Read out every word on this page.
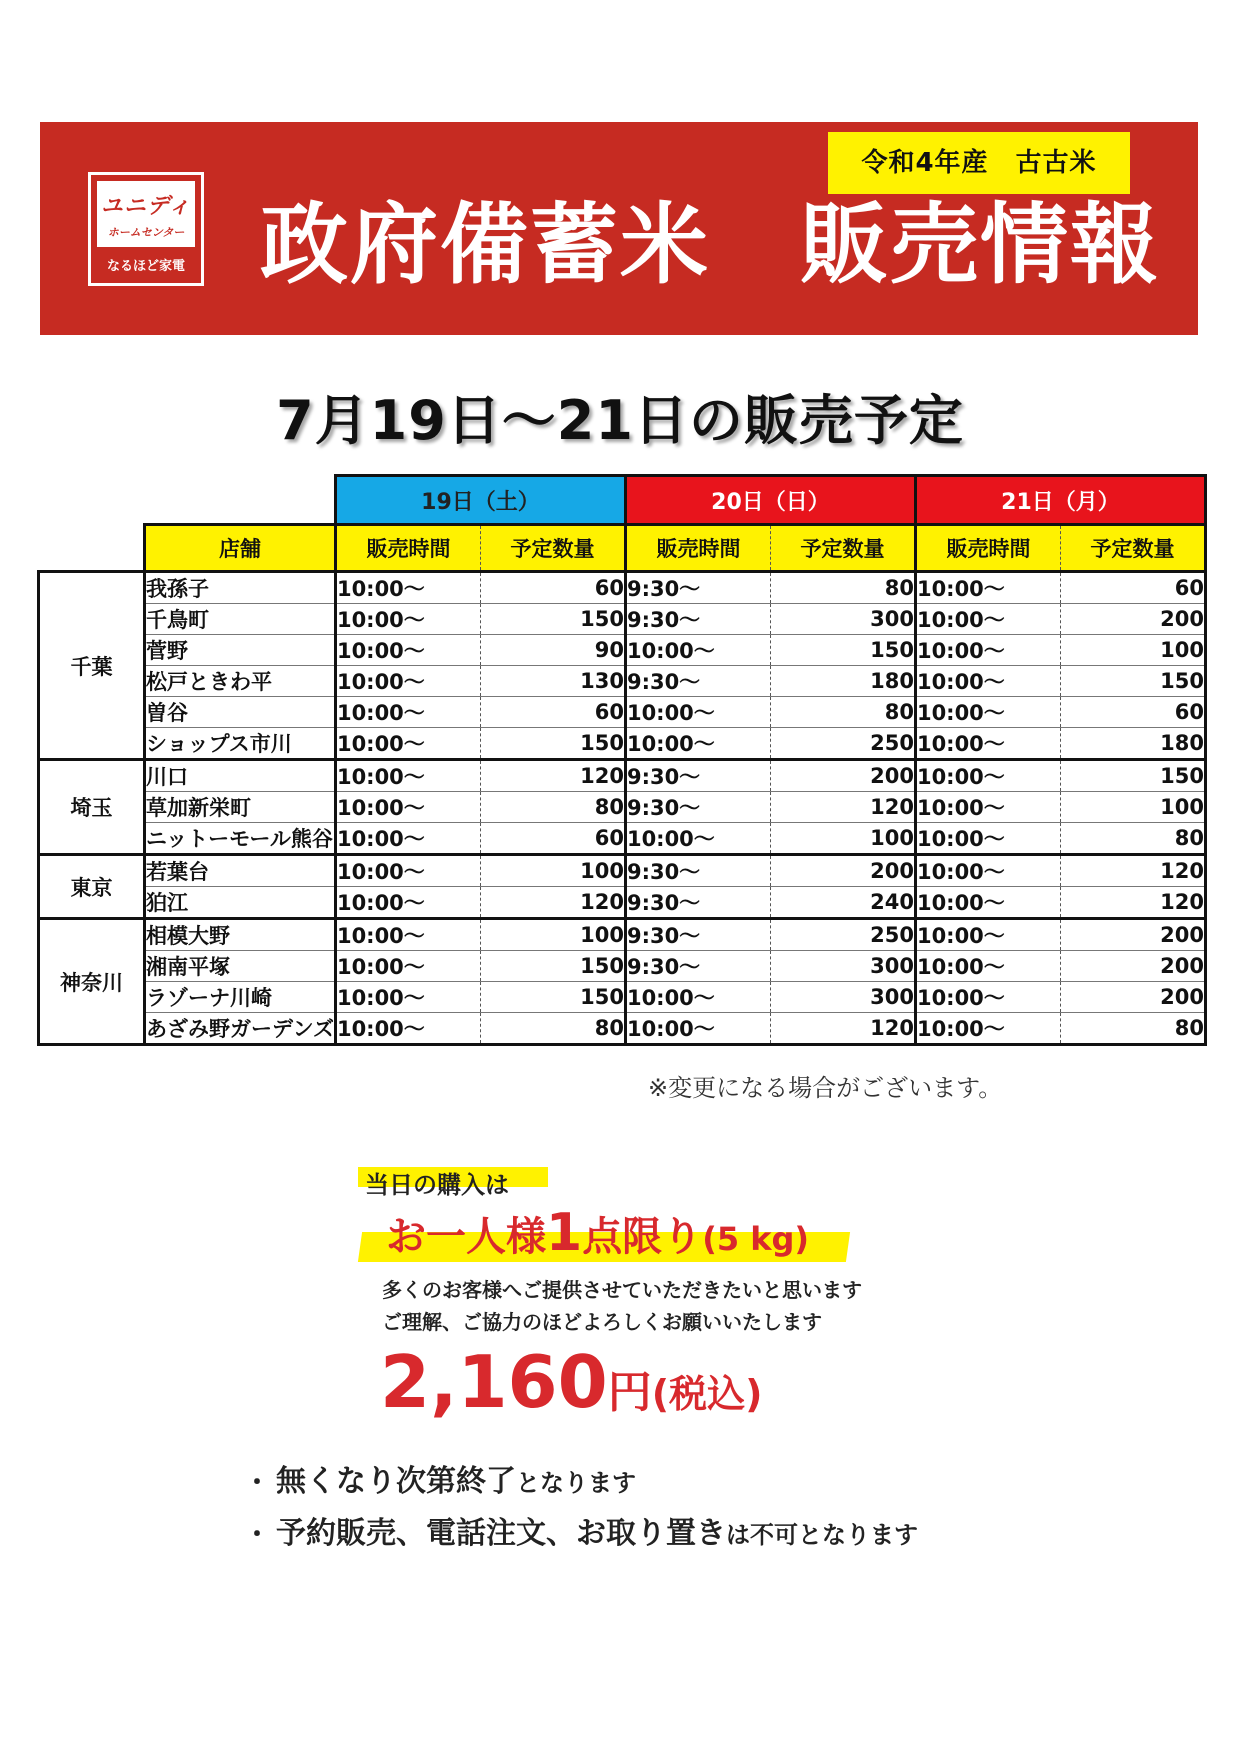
ユニディ
ホームセンター
なるほど家電
令和4年産　古古米
政府備蓄米　販売情報
7月19日～21日の販売予定
		19日（土）		20日（日）		21日（月）	
	店舗	販売時間	予定数量	販売時間	予定数量	販売時間	予定数量
千葉	我孫子	10:00～	60	9:30～	80	10:00～	60
	千鳥町	10:00～	150	9:30～	300	10:00～	200
	菅野	10:00～	90	10:00～	150	10:00～	100
	松戸ときわ平	10:00～	130	9:30～	180	10:00～	150
	曽谷	10:00～	60	10:00～	80	10:00～	60
	ショップス市川	10:00～	150	10:00～	250	10:00～	180
埼玉	川口	10:00～	120	9:30～	200	10:00～	150
	草加新栄町	10:00～	80	9:30～	120	10:00～	100
	ニットーモール熊谷	10:00～	60	10:00～	100	10:00～	80
東京	若葉台	10:00～	100	9:30～	200	10:00～	120
	狛江	10:00～	120	9:30～	240	10:00～	120
神奈川	相模大野	10:00～	100	9:30～	250	10:00～	200
	湘南平塚	10:00～	150	9:30～	300	10:00～	200
	ラゾーナ川崎	10:00～	150	10:00～	300	10:00～	200
	あざみ野ガーデンズ	10:00～	80	10:00～	120	10:00～	80
※変更になる場合がございます。
当日の購入は
お一人様1点限り(5 kg)
多くのお客様へご提供させていただきたいと思います
ご理解、ご協力のほどよろしくお願いいたします
2,160円(税込)
・ 無くなり次第終了となります
・ 予約販売、電話注文、お取り置きは不可となります
